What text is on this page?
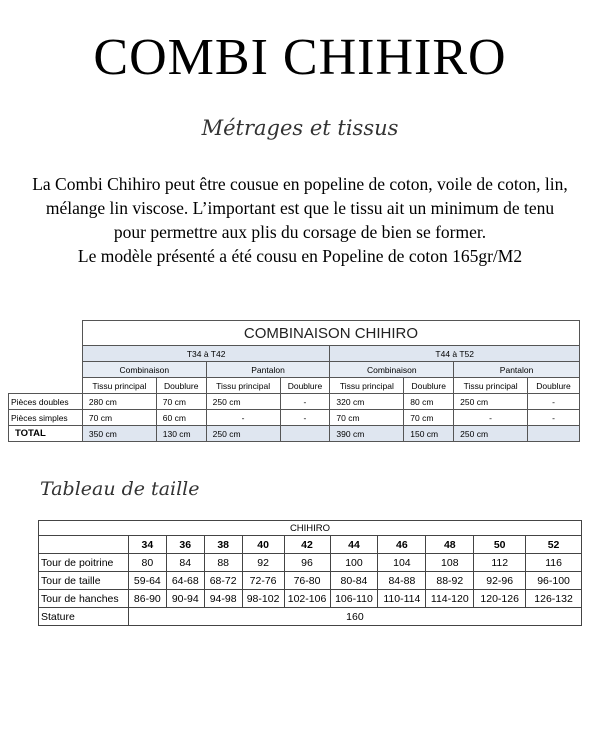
COMBI CHIHIRO
Métrages et tissus

La Combi Chihiro peut être cousue en popeline de coton, voile de coton, lin, mélange lin viscose. L’important est que le tissu ait un minimum de tenu pour permettre aux plis du corsage de bien se former.

Le modèle présenté a été cousu en Popeline de coton 165gr/M2

	COMBINAISON CHIHIRO							
	T34 à T42				T44 à T52			
	Combinaison		Pantalon		Combinaison		Pantalon	
	Tissu principal	Doublure	Tissu principal	Doublure	Tissu principal	Doublure	Tissu principal	Doublure
Pièces doubles	280 cm	70 cm	250 cm	-	320 cm	80 cm	250 cm	-
Pièces simples	70 cm	60 cm	-	-	70 cm	70 cm	-	-
TOTAL	350 cm	130 cm	250 cm		390 cm	150 cm	250 cm	
Tableau de taille
CHIHIRO										
	34	36	38	40	42	44	46	48	50	52
Tour de poitrine	80	84	88	92	96	100	104	108	112	116
Tour de taille	59-64	64-68	68-72	72-76	76-80	80-84	84-88	88-92	92-96	96-100
Tour de hanches	86-90	90-94	94-98	98-102	102-106	106-110	110-114	114-120	120-126	126-132
Stature	160									
